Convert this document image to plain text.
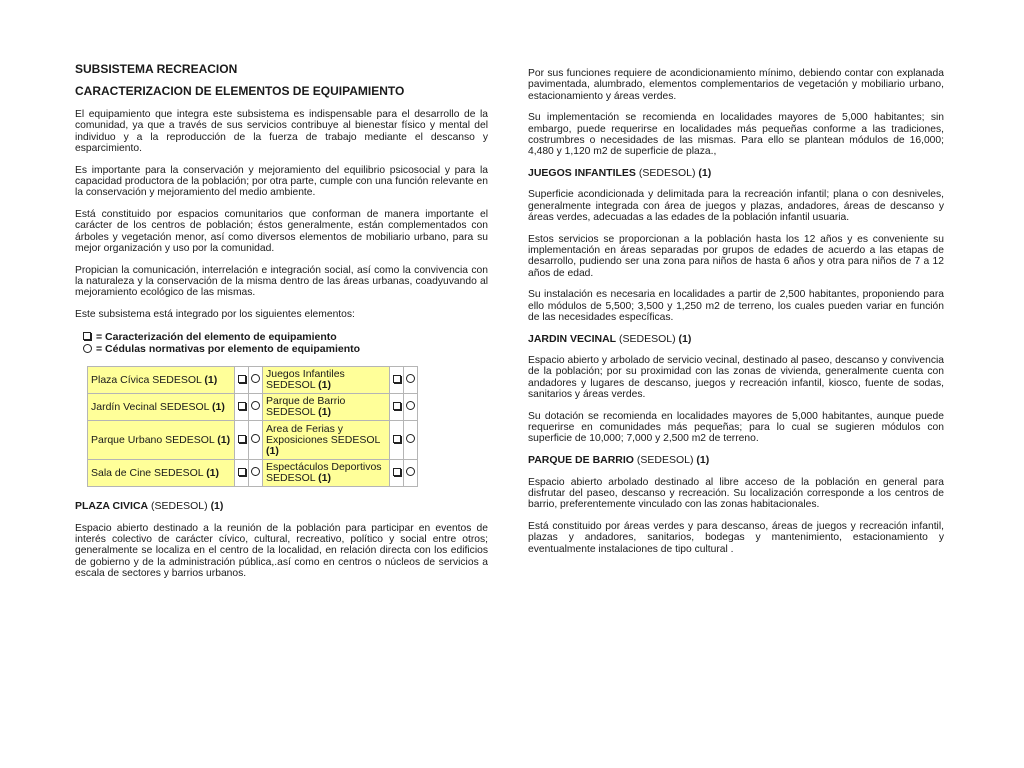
SUBSISTEMA RECREACION
CARACTERIZACION DE ELEMENTOS DE EQUIPAMIENTO

El equipamiento que integra este subsistema es indispensable para el desarrollo de la comunidad, ya que a través de sus servicios contribuye al bienestar físico y mental del individuo y a la reproducción de la fuerza de trabajo mediante el descanso y esparcimiento.

Es importante para la conservación y mejoramiento del equilibrio psicosocial y para la capacidad productora de la población; por otra parte, cumple con una función relevante en la conservación y mejoramiento del medio ambiente.

Está constituido por espacios comunitarios que conforman de manera importante el carácter de los centros de población; éstos generalmente, están complementados con árboles y vegetación menor, así como diversos elementos de mobiliario urbano, para su mejor organización y uso por la comunidad.

Propician la comunicación, interrelación e integración social, así como la convivencia con la naturaleza y la conservación de la misma dentro de las áreas urbanas, coadyuvando al mejoramiento ecológico de las mismas.

Este subsistema está integrado por los siguientes elementos:

= Caracterización del elemento de equipamiento
= Cédulas normativas por elemento de equipamiento
Plaza Cívica SEDESOL (1)			Juegos Infantiles SEDESOL (1)		
Jardín Vecinal SEDESOL (1)			Parque de Barrio SEDESOL (1)		
Parque Urbano SEDESOL (1)			Area de Ferias y Exposiciones SEDESOL (1)		
Sala de Cine SEDESOL (1)			Espectáculos Deportivos SEDESOL (1)		
PLAZA CIVICA (SEDESOL) (1)

Espacio abierto destinado a la reunión de la población para participar en eventos de interés colectivo de carácter cívico, cultural, recreativo, político y social entre otros; generalmente se localiza en el centro de la localidad, en relación directa con los edificios de gobierno y de la administración pública,.así como en centros o núcleos de servicios a escala de sectores y barrios urbanos.

Por sus funciones requiere de acondicionamiento mínimo, debiendo contar con explanada pavimentada, alumbrado, elementos complementarios de vegetación y mobiliario urbano, estacionamiento y áreas verdes.

Su implementación se recomienda en localidades mayores de 5,000 habitantes; sin embargo, puede requerirse en localidades más pequeñas conforme a las tradiciones, costrumbres o necesidades de las mismas. Para ello se plantean módulos de 16,000; 4,480 y 1,120 m2 de superficie de plaza.,

JUEGOS INFANTILES (SEDESOL) (1)

Superficie acondicionada y delimitada para la recreación infantil; plana o con desniveles, generalmente integrada con área de juegos y plazas, andadores, áreas de descanso y áreas verdes, adecuadas a las edades de la población infantil usuaria.

Estos servicios se proporcionan a la población hasta los 12 años y es conveniente su implementación en áreas separadas por grupos de edades de acuerdo a las etapas de desarrollo, pudiendo ser una zona para niños de hasta 6 años y otra para niños de 7 a 12 años de edad.

Su instalación es necesaria en localidades a partir de 2,500 habitantes, proponiendo para ello módulos de 5,500; 3,500 y 1,250 m2 de terreno, los cuales pueden variar en función de las necesidades específicas.

JARDIN VECINAL (SEDESOL) (1)

Espacio abierto y arbolado de servicio vecinal, destinado al paseo, descanso y convivencia de la población; por su proximidad con las zonas de vivienda, generalmente cuenta con andadores y lugares de descanso, juegos y recreación infantil, kiosco, fuente de sodas, sanitarios y áreas verdes.

Su dotación se recomienda en localidades mayores de 5,000 habitantes, aunque puede requerirse en comunidades más pequeñas; para lo cual se sugieren módulos con superficie de 10,000; 7,000 y 2,500 m2 de terreno.

PARQUE DE BARRIO (SEDESOL) (1)

Espacio abierto arbolado destinado al libre acceso de la población en general para disfrutar del paseo, descanso y recreación. Su localización corresponde a los centros de barrio, preferentemente vinculado con las zonas habitacionales.

Está constituido por áreas verdes y para descanso, áreas de juegos y recreación infantil, plazas y andadores, sanitarios, bodegas y mantenimiento, estacionamiento y eventualmente instalaciones de tipo cultural .
